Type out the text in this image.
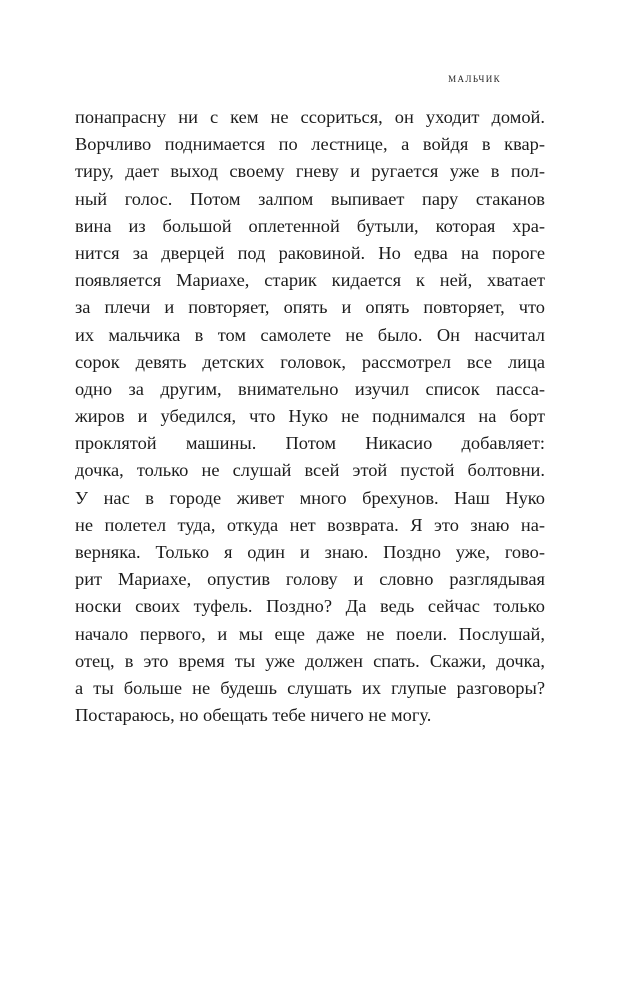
мальчик
понапрасну ни с кем не ссориться, он уходит домой.
Ворчливо поднимается по лестнице, а войдя в квар-
тиру, дает выход своему гневу и ругается уже в пол-
ный голос. Потом залпом выпивает пару стаканов
вина из большой оплетенной бутыли, которая хра-
нится за дверцей под раковиной. Но едва на пороге
появляется Мариахе, старик кидается к ней, хватает
за плечи и повторяет, опять и опять повторяет, что
их мальчика в том самолете не было. Он насчитал
сорок девять детских головок, рассмотрел все лица
одно за другим, внимательно изучил список пасса-
жиров и убедился, что Нуко не поднимался на борт
проклятой машины. Потом Никасио добавляет:
дочка, только не слушай всей этой пустой болтовни.
У нас в городе живет много брехунов. Наш Нуко
не полетел туда, откуда нет возврата. Я это знаю на-
верняка. Только я один и знаю. Поздно уже, гово-
рит Мариахе, опустив голову и словно разглядывая
носки своих туфель. Поздно? Да ведь сейчас только
начало первого, и мы еще даже не поели. Послушай,
отец, в это время ты уже должен спать. Скажи, дочка,
а ты больше не будешь слушать их глупые разговоры?
Постараюсь, но обещать тебе ничего не могу.
